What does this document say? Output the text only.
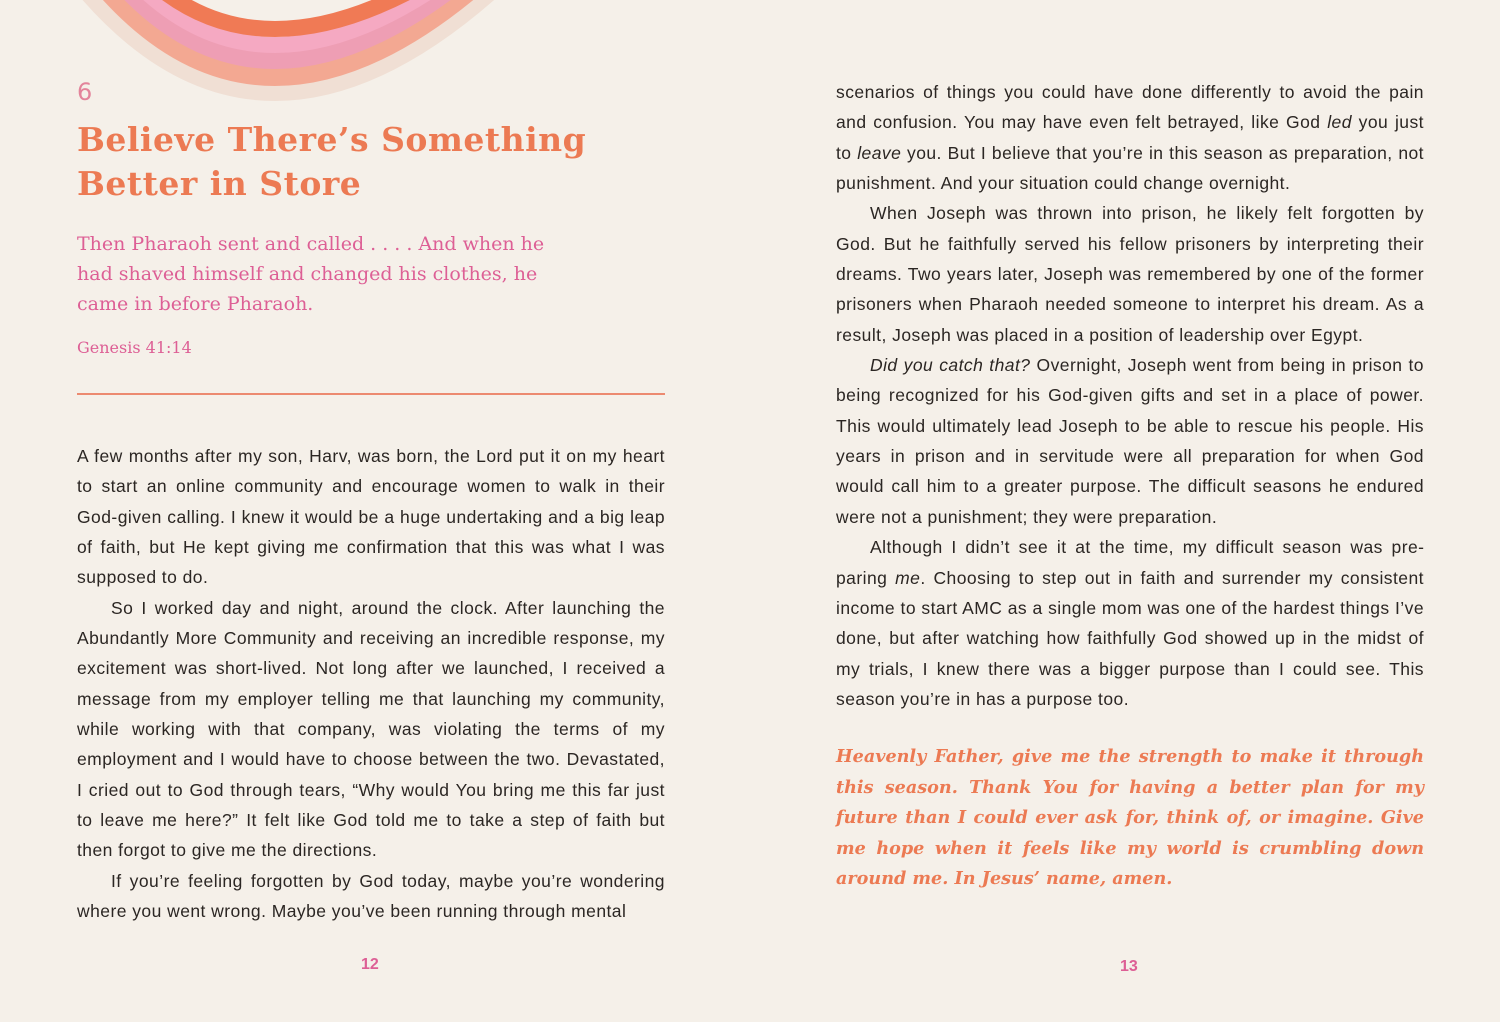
6
Believe There’s Something Better in Store

Then Pharaoh sent and called . . . . And when he had shaved himself and changed his clothes, he came in before Pharaoh.

Genesis 41:14

A few months after my son, Harv, was born, the Lord put it on my heart to start an online community and encourage women to walk in their God-given calling. I knew it would be a huge undertaking and a big leap of faith, but He kept giving me confirmation that this was what I was supposed to do.

So I worked day and night, around the clock. After launching the Abundantly More Community and receiving an incredible response, my excitement was short-lived. Not long after we launched, I received a message from my employer telling me that launching my community, while working with that company, was violating the terms of my employment and I would have to choose between the two. Devastated, I cried out to God through tears, “Why would You bring me this far just to leave me here?” It felt like God told me to take a step of faith but then forgot to give me the directions.

If you’re feeling forgotten by God today, maybe you’re wondering where you went wrong. Maybe you’ve been running through mental

12

scenarios of things you could have done differently to avoid the pain and confusion. You may have even felt betrayed, like God led you just to leave you. But I believe that you’re in this season as preparation, not punishment. And your situation could change overnight.

When Joseph was thrown into prison, he likely felt forgotten by God. But he faithfully served his fellow prisoners by interpreting their dreams. Two years later, Joseph was remembered by one of the former prisoners when Pharaoh needed someone to interpret his dream. As a result, Joseph was placed in a position of leadership over Egypt.

Did you catch that? Overnight, Joseph went from being in prison to being recognized for his God-given gifts and set in a place of power. This would ultimately lead Joseph to be able to rescue his people. His years in prison and in servitude were all preparation for when God would call him to a greater purpose. The difficult seasons he endured were not a punishment; they were preparation.

Although I didn’t see it at the time, my difficult season was preparing me. Choosing to step out in faith and surrender my consistent income to start AMC as a single mom was one of the hardest things I’ve done, but after watching how faithfully God showed up in the midst of my trials, I knew there was a bigger purpose than I could see. This season you’re in has a purpose too.

Heavenly Father, give me the strength to make it through this season. Thank You for having a better plan for my future than I could ever ask for, think of, or imagine. Give me hope when it feels like my world is crumbling down around me. In Jesus’ name, amen.

13
